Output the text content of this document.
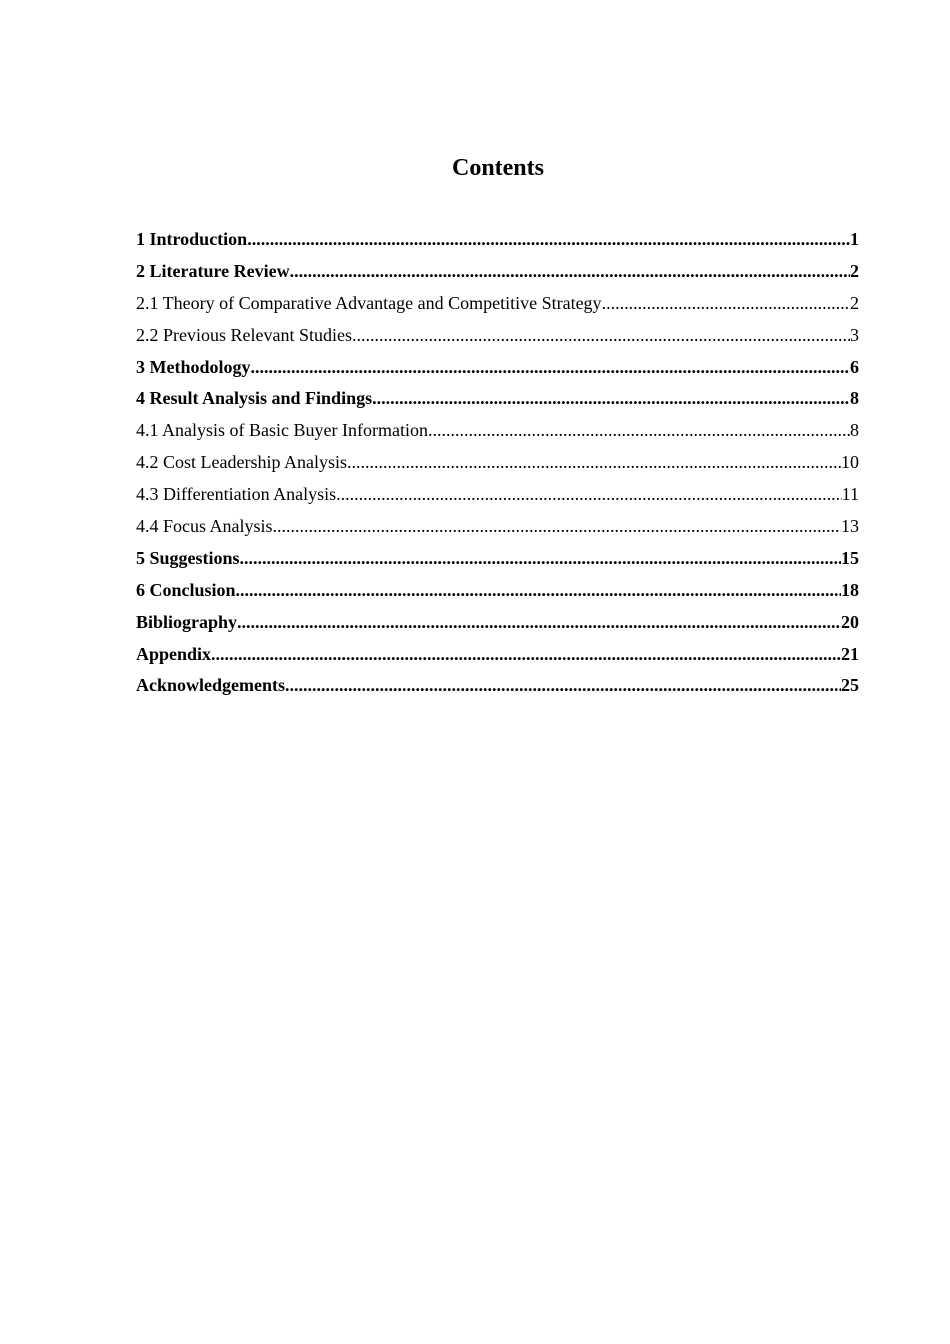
Contents
1 Introduction .....	1
2 Literature Review .....	2
2.1 Theory of Comparative Advantage and Competitive Strategy .....	2
2.2 Previous Relevant Studies .....	3
3 Methodology .....	6
4 Result Analysis and Findings .....	8
4.1 Analysis of Basic Buyer Information .....	8
4.2 Cost Leadership Analysis .....	10
4.3 Differentiation Analysis .....	11
4.4 Focus Analysis .....	13
5 Suggestions .....	15
6 Conclusion .....	18
Bibliography .....	20
Appendix .....	21
Acknowledgements .....	25
